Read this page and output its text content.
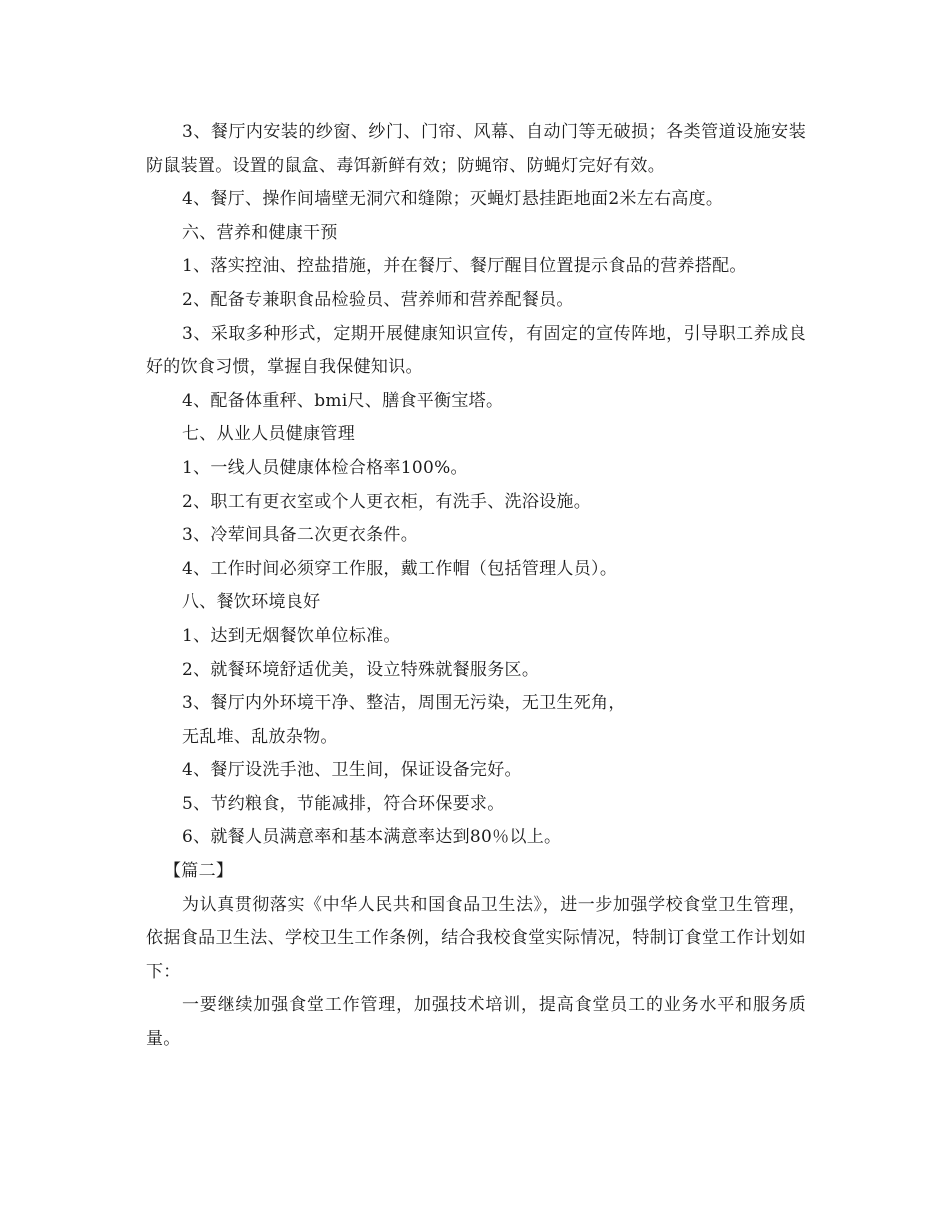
3、餐厅内安装的纱窗、纱门、门帘、风幕、自动门等无破损；各类管道设施安装防鼠装置。设置的鼠盒、毒饵新鲜有效；防蝇帘、防蝇灯完好有效。

4、餐厅、操作间墙壁无洞穴和缝隙；灭蝇灯悬挂距地面2米左右高度。

六、营养和健康干预

1、落实控油、控盐措施，并在餐厅、餐厅醒目位置提示食品的营养搭配。

2、配备专兼职食品检验员、营养师和营养配餐员。

3、采取多种形式，定期开展健康知识宣传，有固定的宣传阵地，引导职工养成良好的饮食习惯，掌握自我保健知识。

4、配备体重秤、bmi尺、膳食平衡宝塔。

七、从业人员健康管理

1、一线人员健康体检合格率100%。

2、职工有更衣室或个人更衣柜，有洗手、洗浴设施。

3、冷荤间具备二次更衣条件。

4、工作时间必须穿工作服，戴工作帽（包括管理人员）。

八、餐饮环境良好

1、达到无烟餐饮单位标准。

2、就餐环境舒适优美，设立特殊就餐服务区。

3、餐厅内外环境干净、整洁，周围无污染，无卫生死角，

无乱堆、乱放杂物。

4、餐厅设洗手池、卫生间，保证设备完好。

5、节约粮食，节能减排，符合环保要求。

6、就餐人员满意率和基本满意率达到80％以上。

【篇二】

为认真贯彻落实《中华人民共和国食品卫生法》，进一步加强学校食堂卫生管理，依据食品卫生法、学校卫生工作条例，结合我校食堂实际情况，特制订食堂工作计划如下：

一要继续加强食堂工作管理，加强技术培训，提高食堂员工的业务水平和服务质量。
